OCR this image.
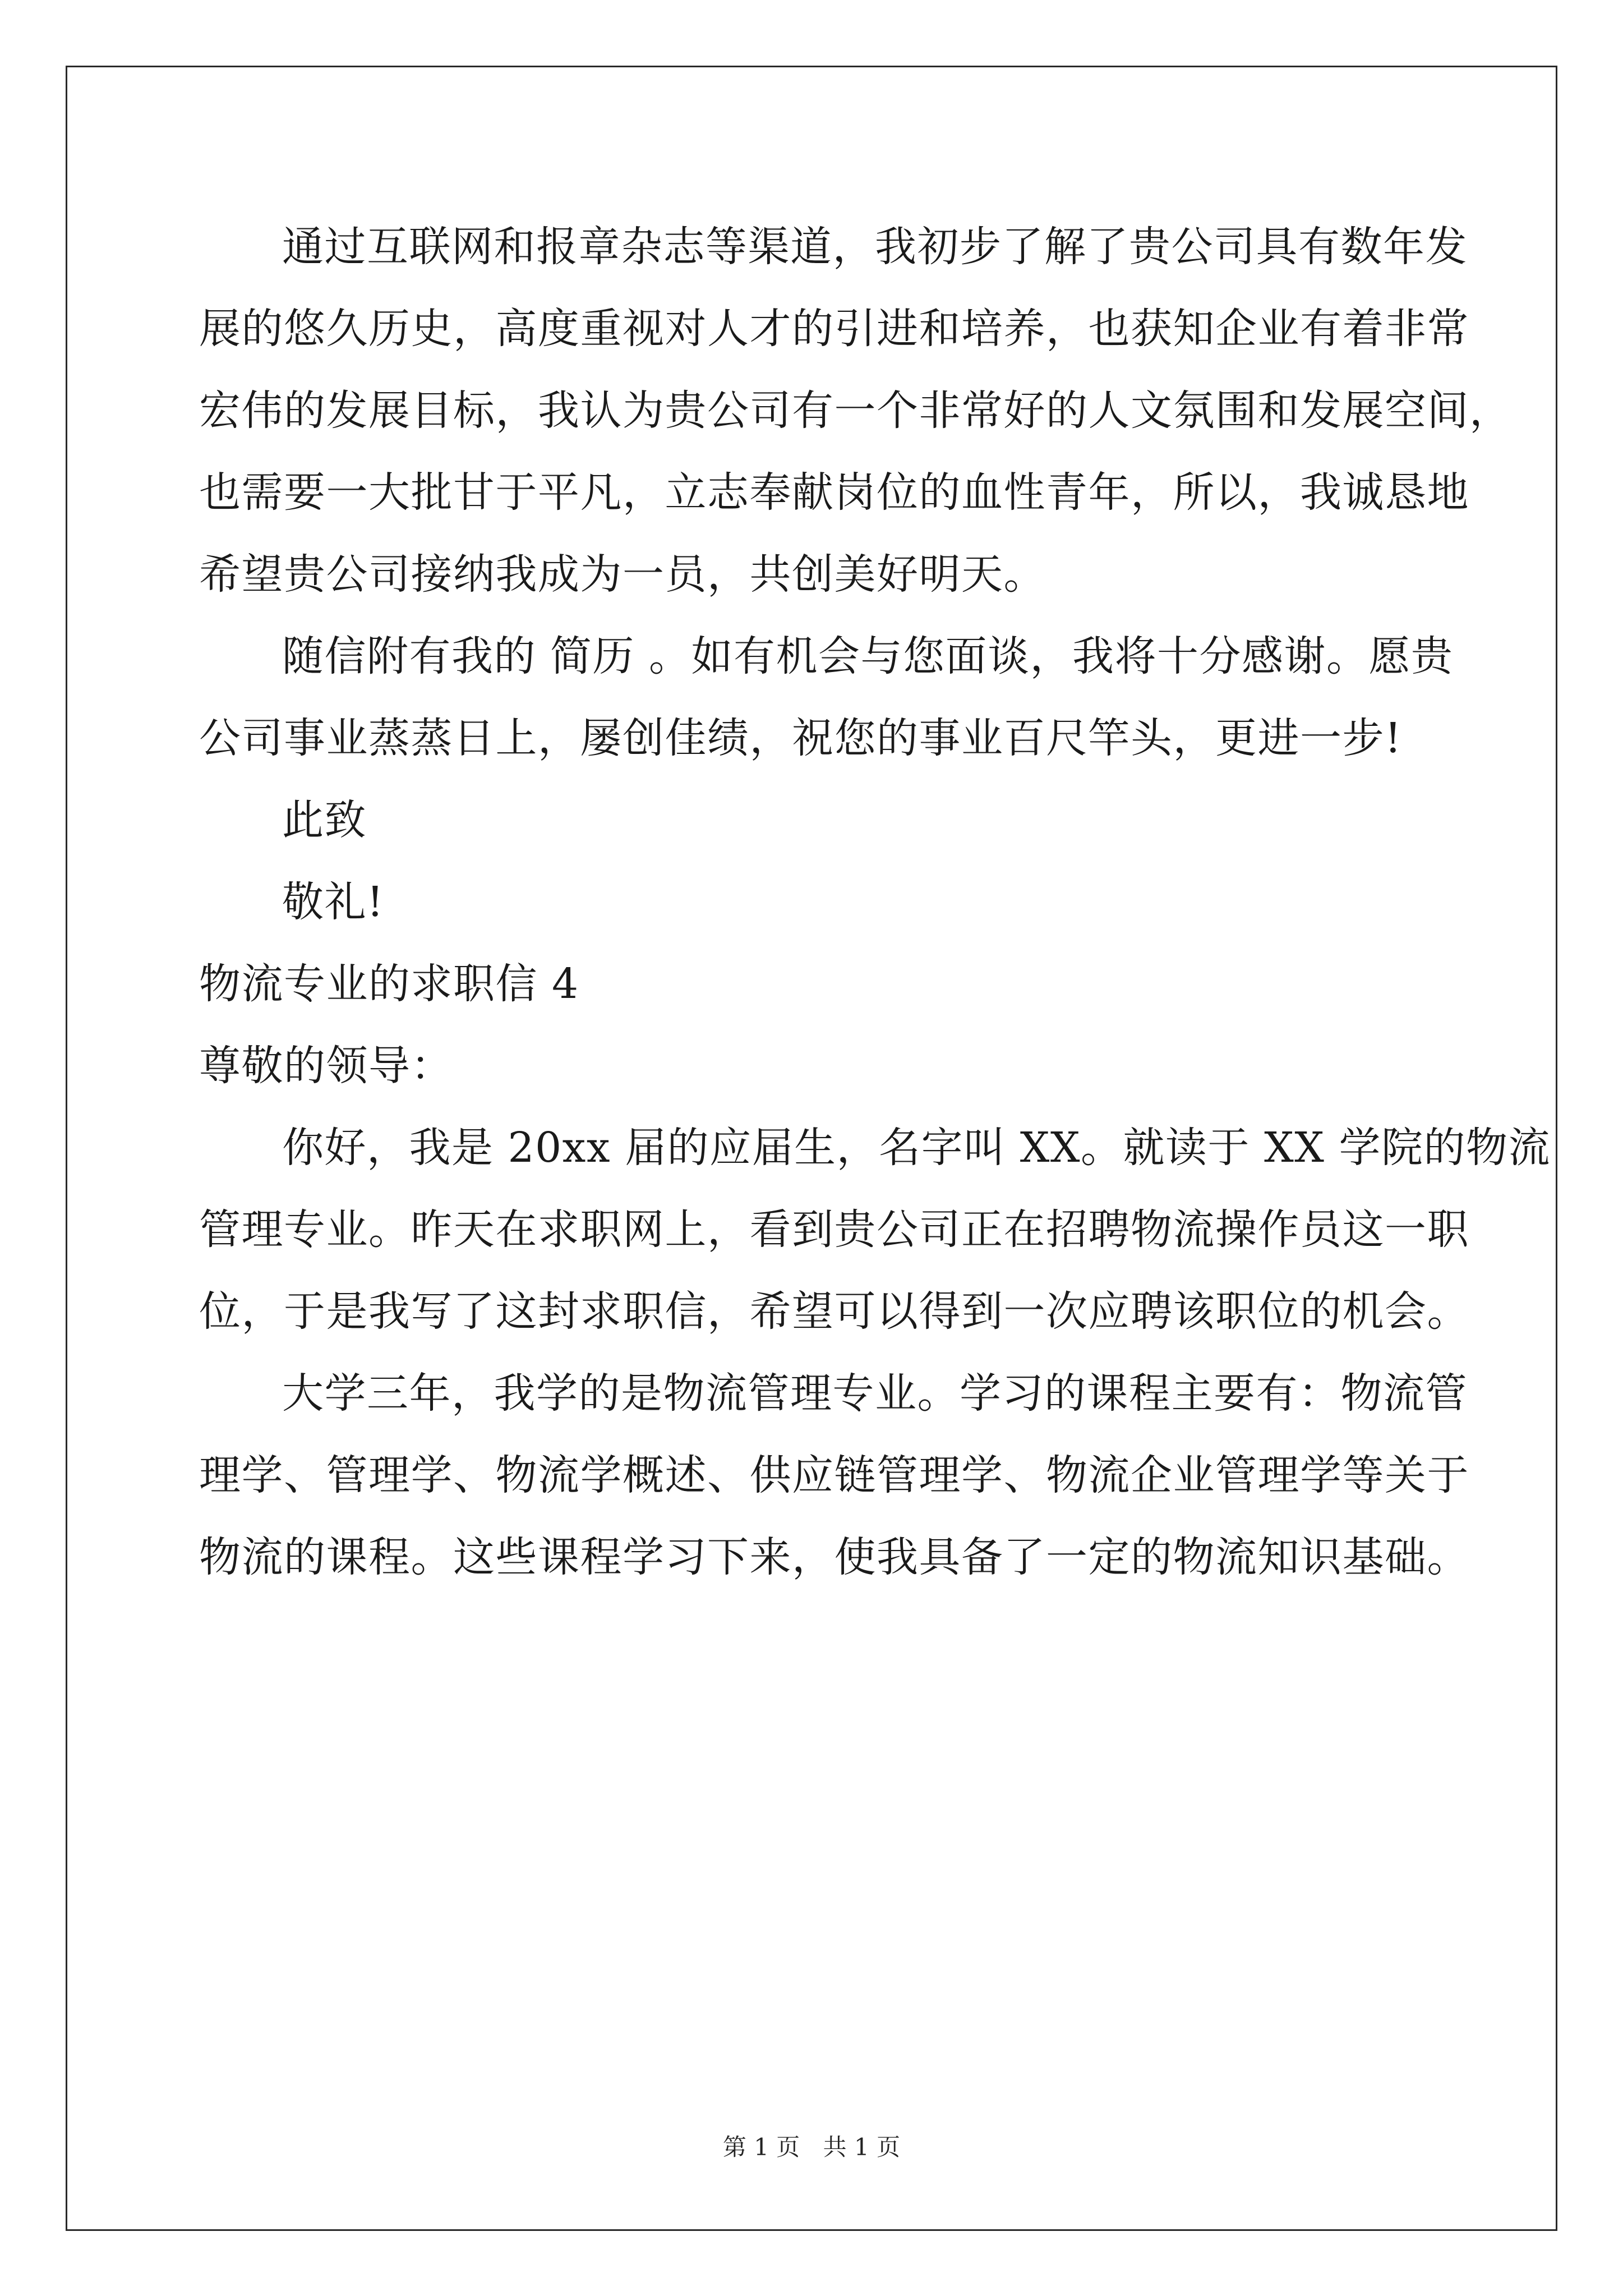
通过互联网和报章杂志等渠道，我初步了解了贵公司具有数年发
展的悠久历史，高度重视对人才的引进和培养，也获知企业有着非常
宏伟的发展目标，我认为贵公司有一个非常好的人文氛围和发展空间，
也需要一大批甘于平凡，立志奉献岗位的血性青年，所以，我诚恳地
希望贵公司接纳我成为一员，共创美好明天。
随信附有我的 简历 。如有机会与您面谈，我将十分感谢。愿贵
公司事业蒸蒸日上，屡创佳绩，祝您的事业百尺竿头，更进一步!
此致
敬礼!
物流专业的求职信 4
尊敬的领导：
你好，我是 20xx 届的应届生，名字叫 XX。就读于 XX 学院的物流
管理专业。昨天在求职网上，看到贵公司正在招聘物流操作员这一职
位，于是我写了这封求职信，希望可以得到一次应聘该职位的机会。
大学三年，我学的是物流管理专业。学习的课程主要有：物流管
理学、管理学、物流学概述、供应链管理学、物流企业管理学等关于
物流的课程。这些课程学习下来，使我具备了一定的物流知识基础。
第 1 页 共 1 页
